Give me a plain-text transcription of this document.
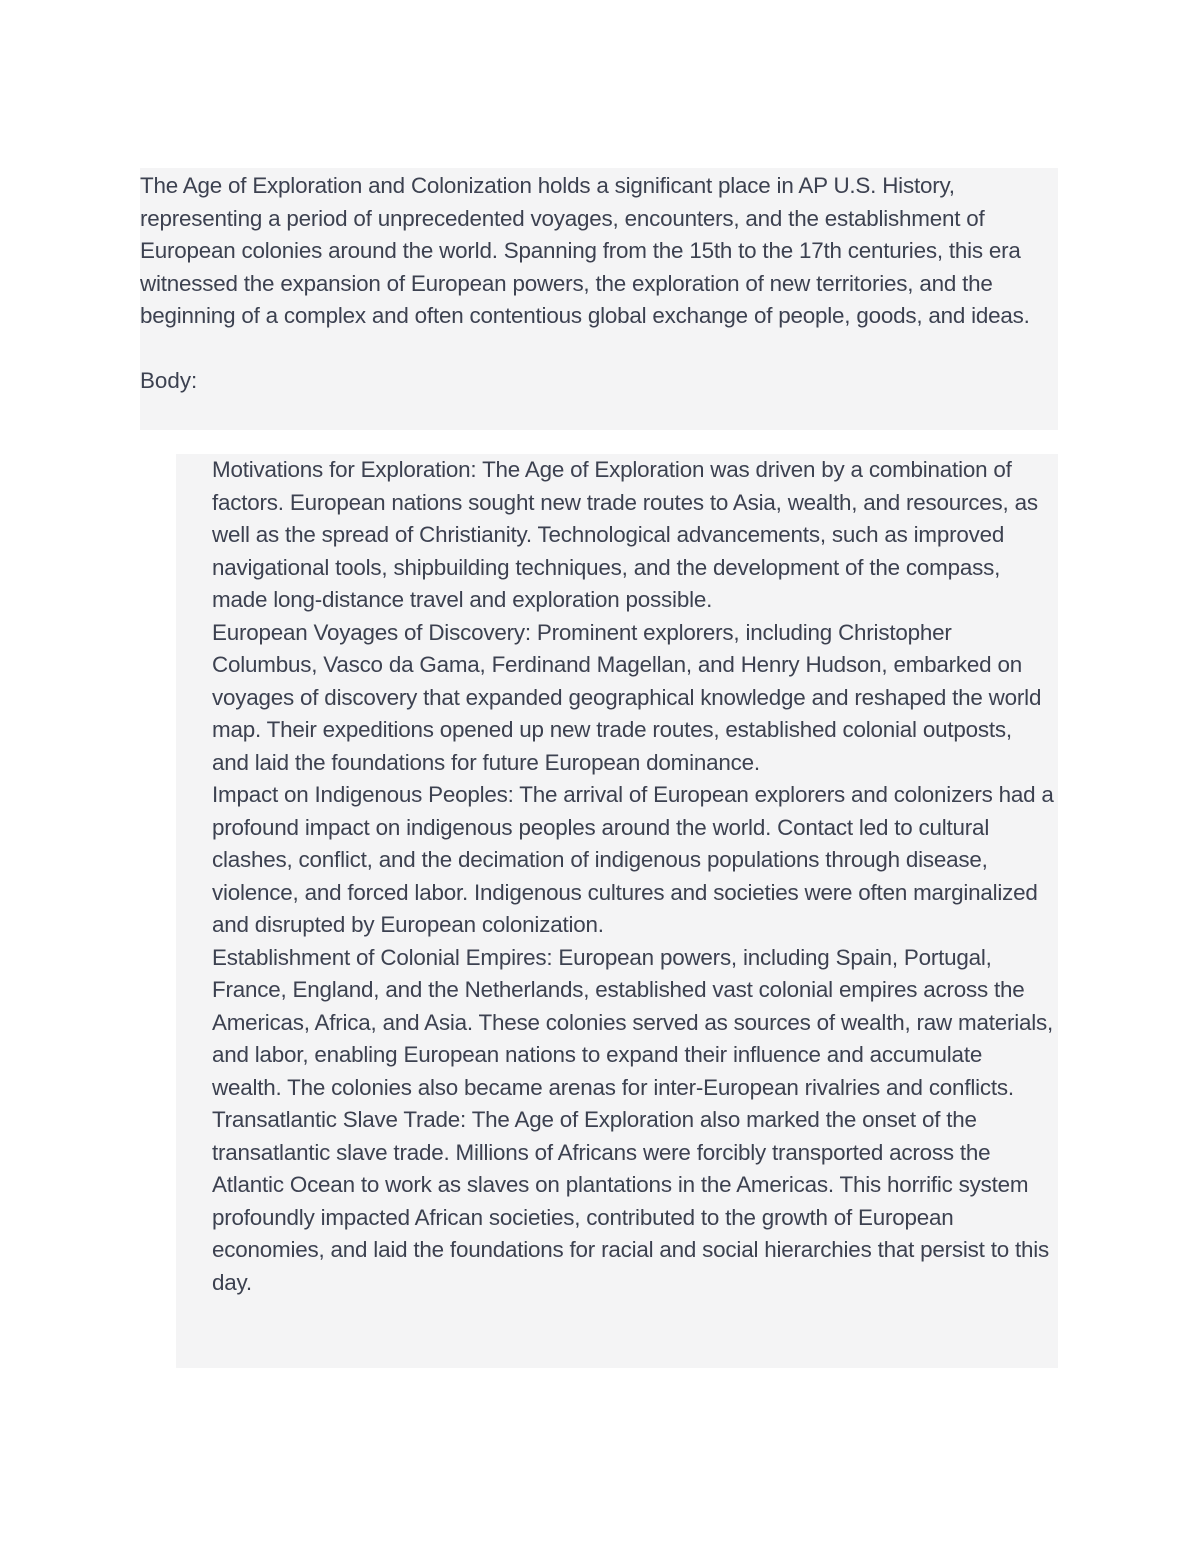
The Age of Exploration and Colonization holds a significant place in AP U.S. History, representing a period of unprecedented voyages, encounters, and the establishment of European colonies around the world. Spanning from the 15th to the 17th centuries, this era witnessed the expansion of European powers, the exploration of new territories, and the beginning of a complex and often contentious global exchange of people, goods, and ideas.

Body:

Motivations for Exploration: The Age of Exploration was driven by a combination of factors. European nations sought new trade routes to Asia, wealth, and resources, as well as the spread of Christianity. Technological advancements, such as improved navigational tools, shipbuilding techniques, and the development of the compass, made long-distance travel and exploration possible.
European Voyages of Discovery: Prominent explorers, including Christopher Columbus, Vasco da Gama, Ferdinand Magellan, and Henry Hudson, embarked on voyages of discovery that expanded geographical knowledge and reshaped the world map. Their expeditions opened up new trade routes, established colonial outposts, and laid the foundations for future European dominance.
Impact on Indigenous Peoples: The arrival of European explorers and colonizers had a profound impact on indigenous peoples around the world. Contact led to cultural clashes, conflict, and the decimation of indigenous populations through disease, violence, and forced labor. Indigenous cultures and societies were often marginalized and disrupted by European colonization.
Establishment of Colonial Empires: European powers, including Spain, Portugal, France, England, and the Netherlands, established vast colonial empires across the Americas, Africa, and Asia. These colonies served as sources of wealth, raw materials, and labor, enabling European nations to expand their influence and accumulate wealth. The colonies also became arenas for inter-European rivalries and conflicts.
Transatlantic Slave Trade: The Age of Exploration also marked the onset of the transatlantic slave trade. Millions of Africans were forcibly transported across the Atlantic Ocean to work as slaves on plantations in the Americas. This horrific system profoundly impacted African societies, contributed to the growth of European economies, and laid the foundations for racial and social hierarchies that persist to this day.
